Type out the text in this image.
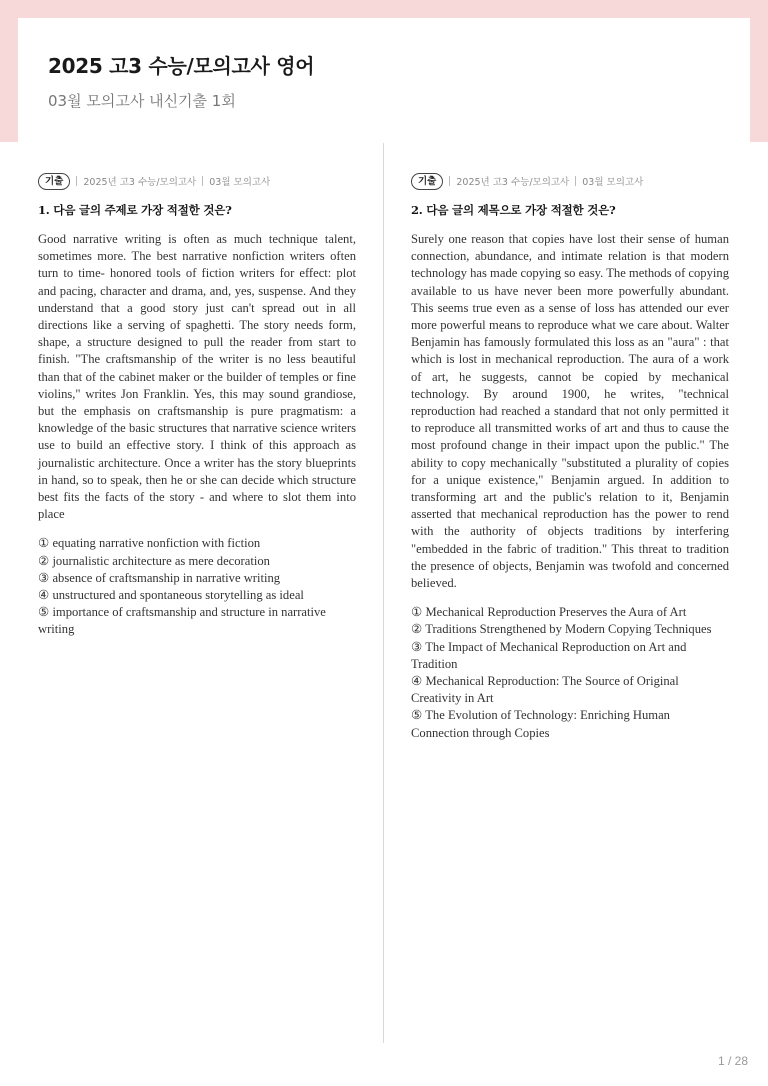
2025 고3 수능/모의고사 영어
03월 모의고사 내신기출 1회
기출	2025년 고3 수능/모의고사 03월 모의고사
1. 다음 글의 주제로 가장 적절한 것은?

Good narrative writing is often as much technique talent, sometimes more. The best narrative nonfiction writers often turn to time- honored tools of fiction writers for effect: plot and pacing, character and drama, and, yes, suspense. And they understand that a good story just can't spread out in all directions like a serving of spaghetti. The story needs form, shape, a structure designed to pull the reader from start to finish. "The craftsmanship of the writer is no less beautiful than that of the cabinet maker or the builder of temples or fine violins," writes Jon Franklin. Yes, this may sound grandiose, but the emphasis on craftsmanship is pure pragmatism: a knowledge of the basic structures that narrative science writers use to build an effective story. I think of this approach as journalistic architecture. Once a writer has the story blueprints in hand, so to speak, then he or she can decide which structure best fits the facts of the story - and where to slot them into place

① equating narrative nonfiction with fiction
② journalistic architecture as mere decoration
③ absence of craftsmanship in narrative writing
④ unstructured and spontaneous storytelling as ideal
⑤ importance of craftsmanship and structure in narrative writing
기출	2025년 고3 수능/모의고사 03월 모의고사
2. 다음 글의 제목으로 가장 적절한 것은?

Surely one reason that copies have lost their sense of human connection, abundance, and intimate relation is that modern technology has made copying so easy. The methods of copying available to us have never been more powerfully abundant. This seems true even as a sense of loss has attended our ever more powerful means to reproduce what we care about. Walter Benjamin has famously formulated this loss as an "aura" : that which is lost in mechanical reproduction. The aura of a work of art, he suggests, cannot be copied by mechanical technology. By around 1900, he writes, "technical reproduction had reached a standard that not only permitted it to reproduce all transmitted works of art and thus to cause the most profound change in their impact upon the public." The ability to copy mechanically "substituted a plurality of copies for a unique existence," Benjamin argued. In addition to transforming art and the public's relation to it, Benjamin asserted that mechanical reproduction has the power to rend with the authority of objects traditions by interfering "embedded in the fabric of tradition." This threat to tradition the presence of objects, Benjamin was twofold and concerned believed.

① Mechanical Reproduction Preserves the Aura of Art
② Traditions Strengthened by Modern Copying Techniques
③ The Impact of Mechanical Reproduction on Art and Tradition
④ Mechanical Reproduction: The Source of Original Creativity in Art
⑤ The Evolution of Technology: Enriching Human Connection through Copies
1 / 28
